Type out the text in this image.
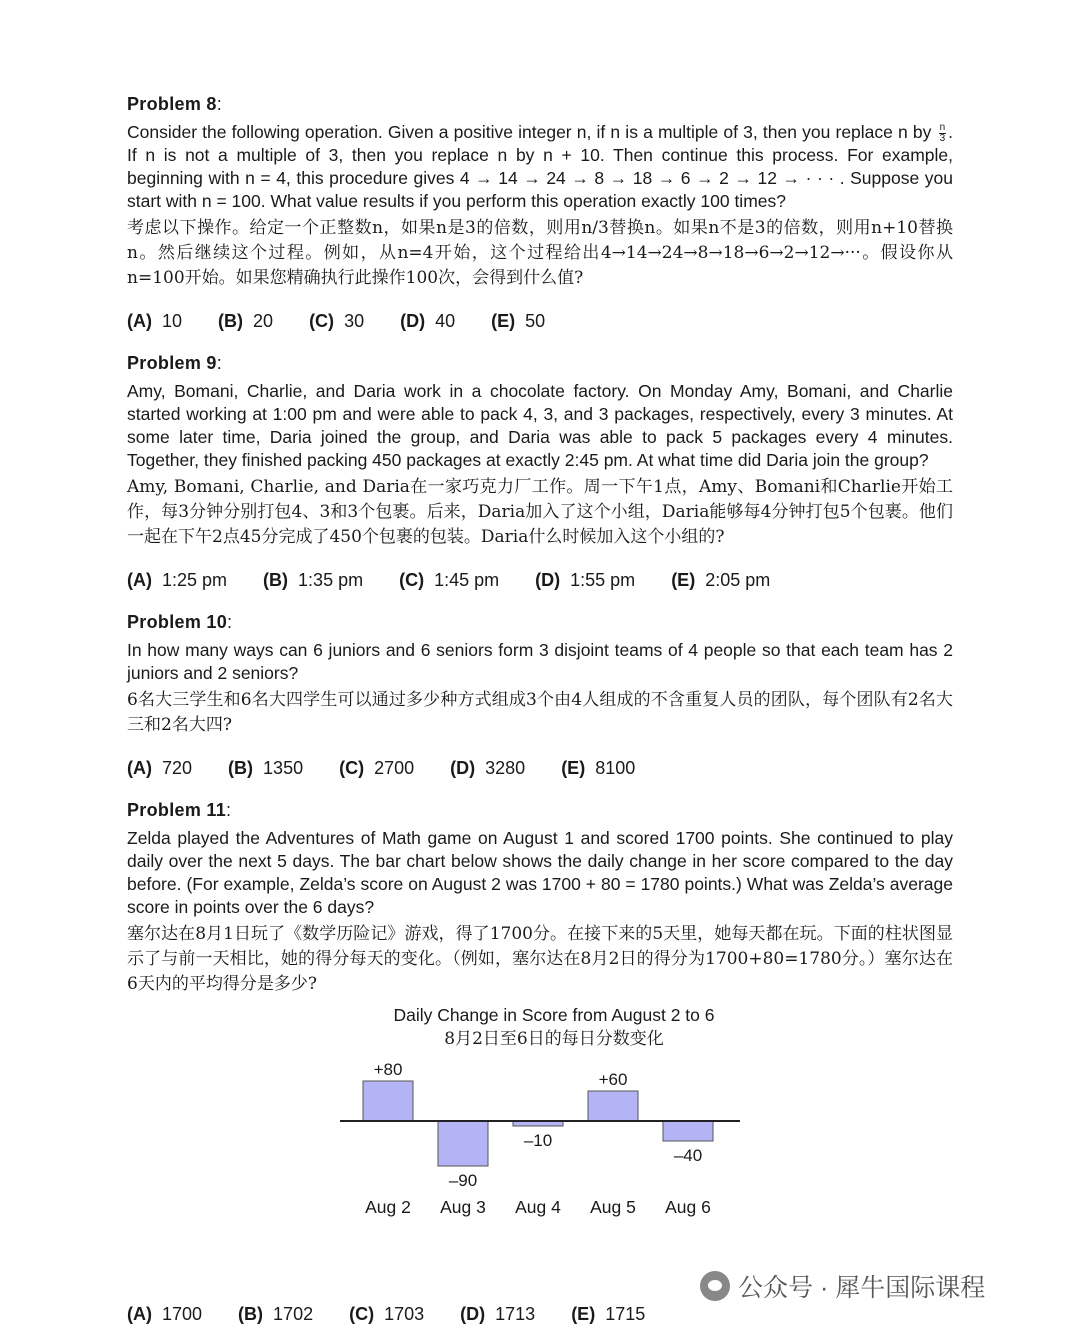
Problem 8:
Consider the following operation. Given a positive integer n, if n is a multiple of 3, then you replace n by $\frac{n}{3}$ . If n is not a multiple of 3, then you replace n by n + 10. Then continue this process. For example, beginning with n = 4, this procedure gives 4 → 14 → 24 → 8 → 18 → 6 → 2 → 12 → · · · . Suppose you start with n = 100. What value results if you perform this operation exactly 100 times?
考虑以下操作。给定一个正整数n，如果n是3的倍数，则用n/3替换n。如果n不是3的倍数，则用n+10替换n。然后继续这个过程。例如，从n=4开始，这个过程给出4→14→24→8→18→6→2→12→···。假设你从n=100开始。如果您精确执行此操作100次，会得到什么值?
(A) 10 (B) 20 (C) 30 (D) 40 (E) 50
Problem 9:
Amy, Bomani, Charlie, and Daria work in a chocolate factory. On Monday Amy, Bomani, and Charlie started working at 1:00 pm and were able to pack 4, 3, and 3 packages, respectively, every 3 minutes. At some later time, Daria joined the group, and Daria was able to pack 5 packages every 4 minutes. Together, they finished packing 450 packages at exactly 2:45 pm. At what time did Daria join the group?
Amy, Bomani, Charlie, and Daria在一家巧克力厂工作。周一下午1点，Amy、Bomani和Charlie开始工作，每3分钟分别打包4、3和3个包裹。后来，Daria加入了这个小组，Daria能够每4分钟打包5个包裹。他们一起在下午2点45分完成了450个包裹的包装。Daria什么时候加入这个小组的?
(A) 1:25 pm (B) 1:35 pm (C) 1:45 pm (D) 1:55 pm (E) 2:05 pm
Problem 10:
In how many ways can 6 juniors and 6 seniors form 3 disjoint teams of 4 people so that each team has 2 juniors and 2 seniors?
6名大三学生和6名大四学生可以通过多少种方式组成3个由4人组成的不含重复人员的团队，每个团队有2名大三和2名大四?
(A) 720 (B) 1350 (C) 2700 (D) 3280 (E) 8100
Problem 11:
Zelda played the Adventures of Math game on August 1 and scored 1700 points. She continued to play daily over the next 5 days. The bar chart below shows the daily change in her score compared to the day before. (For example, Zelda’s score on August 2 was 1700 + 80 = 1780 points.) What was Zelda’s average score in points over the 6 days?
塞尔达在8月1日玩了《数学历险记》游戏，得了1700分。在接下来的5天里，她每天都在玩。下面的柱状图显示了与前一天相比，她的得分每天的变化。（例如，塞尔达在8月2日的得分为1700+80=1780分。）塞尔达在6天内的平均得分是多少?
Daily Change in Score from August 2 to 6
8月2日至6日的每日分数变化
+80
Aug 2
–90
Aug 3
–10
Aug 4
+60
Aug 5
–40
Aug 6
(A) 1700 (B) 1702 (C) 1703 (D) 1713 (E) 1715
公众号 · 犀牛国际课程
